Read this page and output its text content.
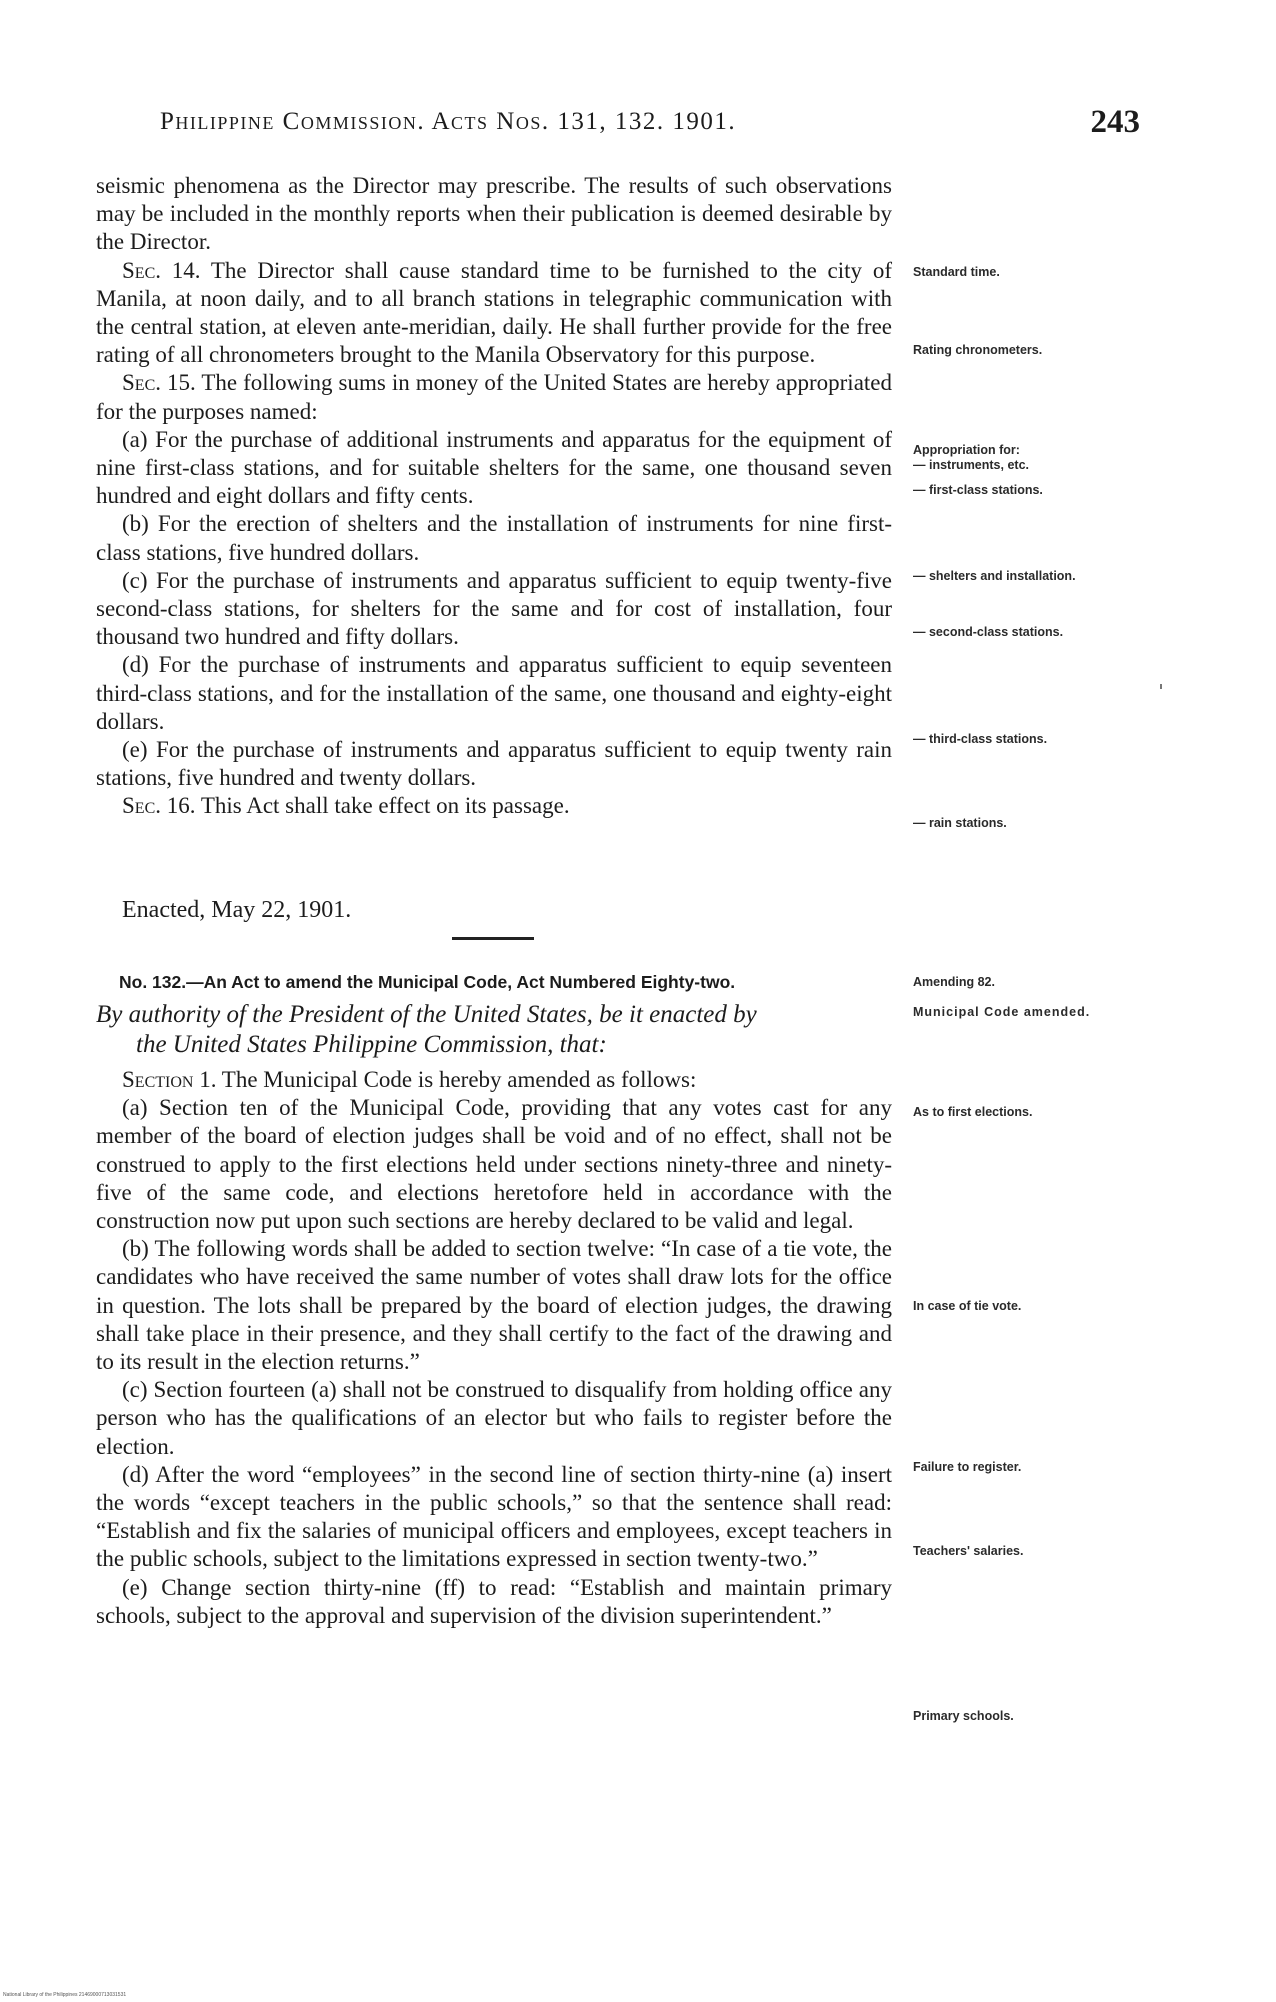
Philippine Commission. Acts Nos. 131, 132. 1901.	243

seismic phenomena as the Director may prescribe. The results of such observations may be included in the monthly reports when their publication is deemed desirable by the Director.

Sec. 14. The Director shall cause standard time to be furnished to the city of Manila, at noon daily, and to all branch stations in telegraphic communication with the central station, at eleven ante-meridian, daily. He shall further provide for the free rating of all chronometers brought to the Manila Observatory for this purpose.

Sec. 15. The following sums in money of the United States are hereby appropriated for the purposes named:

(a) For the purchase of additional instruments and apparatus for the equipment of nine first-class stations, and for suitable shelters for the same, one thousand seven hundred and eight dollars and fifty cents.

(b) For the erection of shelters and the installation of instruments for nine first-class stations, five hundred dollars.

(c) For the purchase of instruments and apparatus sufficient to equip twenty-five second-class stations, for shelters for the same and for cost of installation, four thousand two hundred and fifty dollars.

(d) For the purchase of instruments and apparatus sufficient to equip seventeen third-class stations, and for the installation of the same, one thousand and eighty-eight dollars.

(e) For the purchase of instruments and apparatus sufficient to equip twenty rain stations, five hundred and twenty dollars.

Sec. 16. This Act shall take effect on its passage.

Enacted, May 22, 1901.
No. 132.—An Act to amend the Municipal Code, Act Numbered Eighty-two.
By authority of the President of the United States, be it enacted by
the United States Philippine Commission, that:

Section 1. The Municipal Code is hereby amended as follows:

(a) Section ten of the Municipal Code, providing that any votes cast for any member of the board of election judges shall be void and of no effect, shall not be construed to apply to the first elections held under sections ninety-three and ninety-five of the same code, and elections heretofore held in accordance with the construction now put upon such sections are hereby declared to be valid and legal.

(b) The following words shall be added to section twelve: “In case of a tie vote, the candidates who have received the same number of votes shall draw lots for the office in question. The lots shall be prepared by the board of election judges, the drawing shall take place in their presence, and they shall certify to the fact of the drawing and to its result in the election returns.”

(c) Section fourteen (a) shall not be construed to disqualify from holding office any person who has the qualifications of an elector but who fails to register before the election.

(d) After the word “employees” in the second line of section thirty-nine (a) insert the words “except teachers in the public schools,” so that the sentence shall read: “Establish and fix the salaries of municipal officers and employees, except teachers in the public schools, subject to the limitations expressed in section twenty-two.”

(e) Change section thirty-nine (ff) to read: “Establish and maintain primary schools, subject to the approval and supervision of the division superintendent.”

Standard time.
Rating chronometers.
Appropriation for:
— instruments, etc.
— first-class stations.
— shelters and installation.
— second-class stations.
— third-class stations.
— rain stations.
Amending 82.
Municipal Code amended.
As to first elections.
In case of tie vote.
Failure to register.
Teachers' salaries.
Primary schools.
National Library of the Philippines 21469000713031531
